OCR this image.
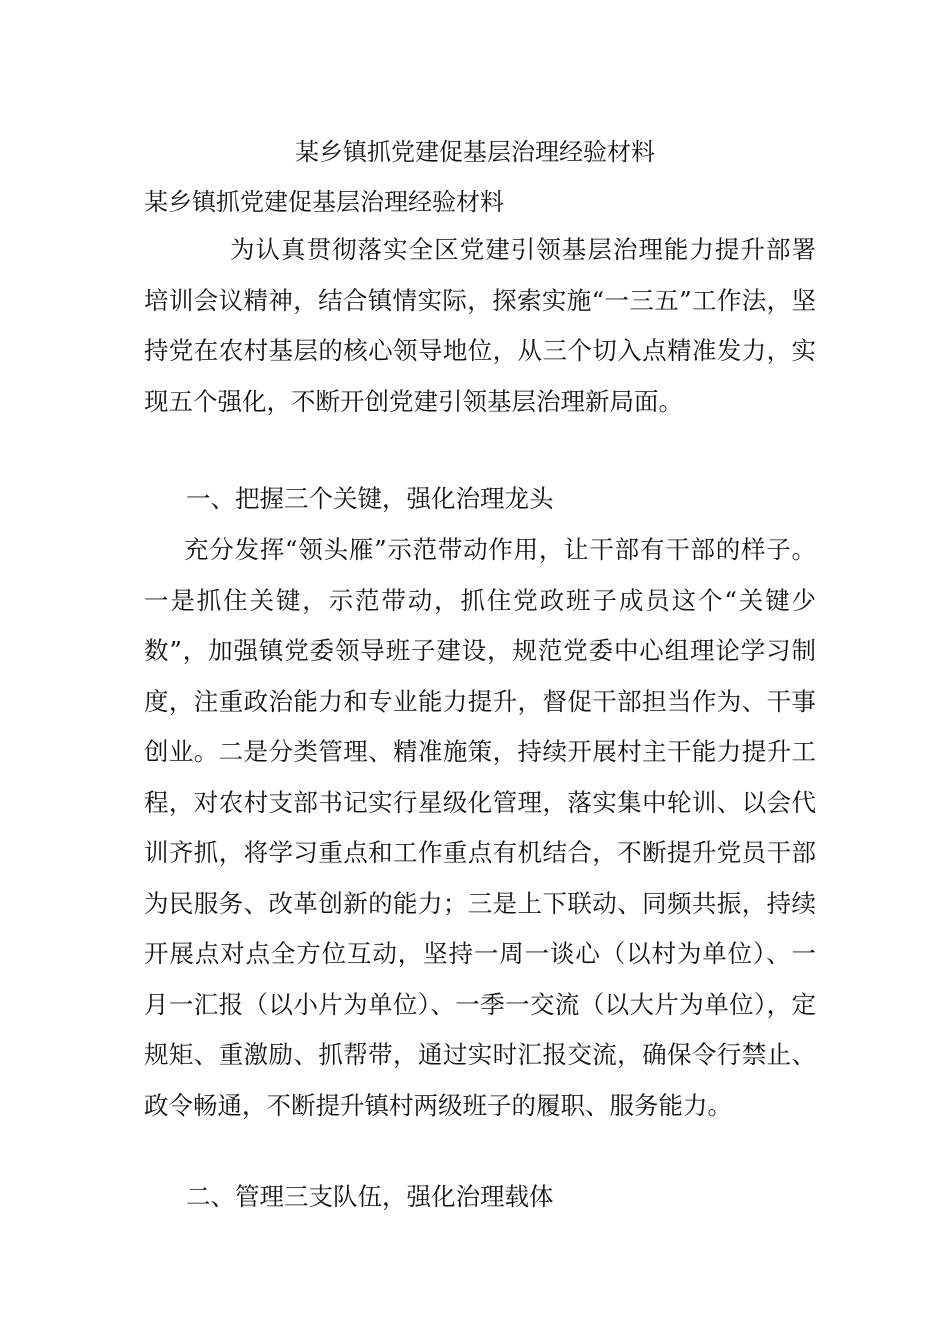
某乡镇抓党建促基层治理经验材料
某乡镇抓党建促基层治理经验材料
为认真贯彻落实全区党建引领基层治理能力提升部署培训会议精神，结合镇情实际，探索实施“一三五”工作法，坚持党在农村基层的核心领导地位，从三个切入点精准发力，实现五个强化，不断开创党建引领基层治理新局面。
一、把握三个关键，强化治理龙头
充分发挥“领头雁”示范带动作用，让干部有干部的样子。一是抓住关键，示范带动，抓住党政班子成员这个“关键少数”，加强镇党委领导班子建设，规范党委中心组理论学习制度，注重政治能力和专业能力提升，督促干部担当作为、干事创业。二是分类管理、精准施策，持续开展村主干能力提升工程，对农村支部书记实行星级化管理，落实集中轮训、以会代训齐抓，将学习重点和工作重点有机结合，不断提升党员干部为民服务、改革创新的能力；三是上下联动、同频共振，持续开展点对点全方位互动，坚持一周一谈心（以村为单位）、一月一汇报（以小片为单位）、一季一交流（以大片为单位），定规矩、重激励、抓帮带，通过实时汇报交流，确保令行禁止、政令畅通，不断提升镇村两级班子的履职、服务能力。
二、管理三支队伍，强化治理载体
